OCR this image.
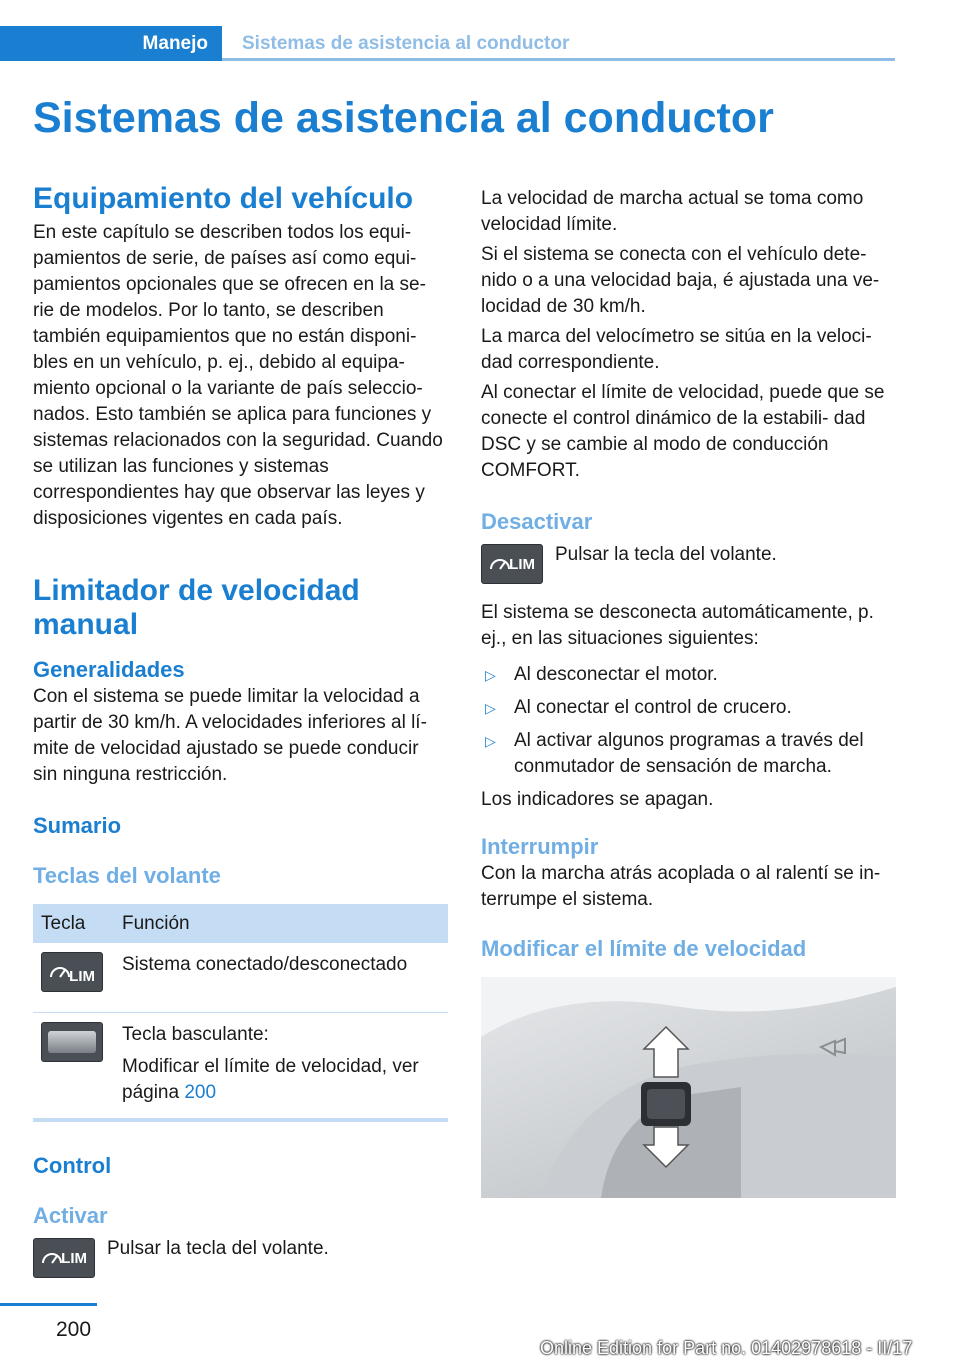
Manejo	Sistemas de asistencia al conductor
Sistemas de asistencia al conductor
Equipamiento del vehículo

En este capítulo se describen todos los equi- pamientos de serie, de países así como equi- pamientos opcionales que se ofrecen en la se- rie de modelos. Por lo tanto, se describen también equipamientos que no están disponi- bles en un vehículo, p. ej., debido al equipa- miento opcional o la variante de país seleccio- nados. Esto también se aplica para funciones y sistemas relacionados con la seguridad. Cuando se utilizan las funciones y sistemas correspondientes hay que observar las leyes y disposiciones vigentes en cada país.

Limitador de velocidad manual
Generalidades

Con el sistema se puede limitar la velocidad a partir de 30 km/h. A velocidades inferiores al lí- mite de velocidad ajustado se puede conducir sin ninguna restricción.

Sumario
Teclas del volante
Tecla	Función

LIM	Sistema conectado/desconectado

	Tecla basculante:
Modificar el límite de velocidad, ver página 200
Control
Activar
LIM Pulsar la tecla del volante.

La velocidad de marcha actual se toma como velocidad límite.

Si el sistema se conecta con el vehículo dete- nido o a una velocidad baja, é ajustada una ve- locidad de 30 km/h.

La marca del velocímetro se sitúa en la veloci- dad correspondiente.

Al conectar el límite de velocidad, puede que se conecte el control dinámico de la estabili- dad DSC y se cambie al modo de conducción COMFORT.

Desactivar
LIM Pulsar la tecla del volante.

El sistema se desconecta automáticamente, p. ej., en las situaciones siguientes:

▷ Al desconectar el motor.
▷ Al conectar el control de crucero.
▷ Al activar algunos programas a través del conmutador de sensación de marcha.

Los indicadores se apagan.

Interrumpir

Con la marcha atrás acoplada o al ralentí se in- terrumpe el sistema.

Modificar el límite de velocidad
200
Online Edition for Part no. 01402978618 - II/17
